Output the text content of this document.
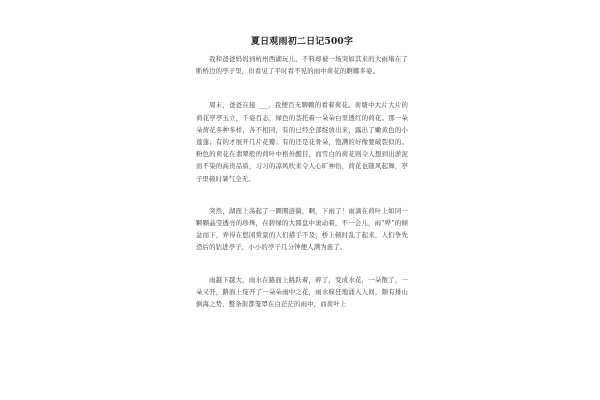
夏日观雨初二日记500字

我和爸爸妈妈到杭州西湖玩儿，不料却被一场突如其来的大雨堵在了断桥边的亭子里，但看见了平时看不见的雨中荷花的婀娜多姿。

周末，爸爸在接 ___，我便百无聊赖的看着荷花。荷塘中大片大片的荷花亭亭玉立，千姿百态，绿色的茎托着一朵朵白里透红的荷花。那一朵朵荷花多种多样，各不相同，有的已经全部绽放出来，露出了嫩黄色的小莲蓬；有的才展开几片花瓣；有的还是花骨朵，饱满的好像要破裂似的。粉色的荷花在翡翠般的荷叶中格外醒目，而雪白的荷花则令人想到出淤泥而不染的高贵品质，习习的凉风吹来令人心旷神怡，荷花也随风起舞，亭子里顿时暑气全无。

突然，湖面上荡起了一圈圈涟漪，啊，下雨了！雨滴在荷叶上如同一颗颗晶莹透亮的珍珠，在碧绿的大圆盘中滚动着，不一会儿，雨“哗”的倾盆而下，弄得在悠闲赏景的人们措手不及，桥上顿时乱了起来，人们争先恐后的钻进亭子，小小的亭子几分钟便人满为患了。

雨越下越大，雨水在路面上跳跃着，碎了，变成水花，一朵散了，一朵又开，路面上绽开了一朵朵雨中之花，雨水疯狂地涌入人间，颇有排山倒海之势，整条街都笼罩在白茫茫的雨中，而荷叶上
